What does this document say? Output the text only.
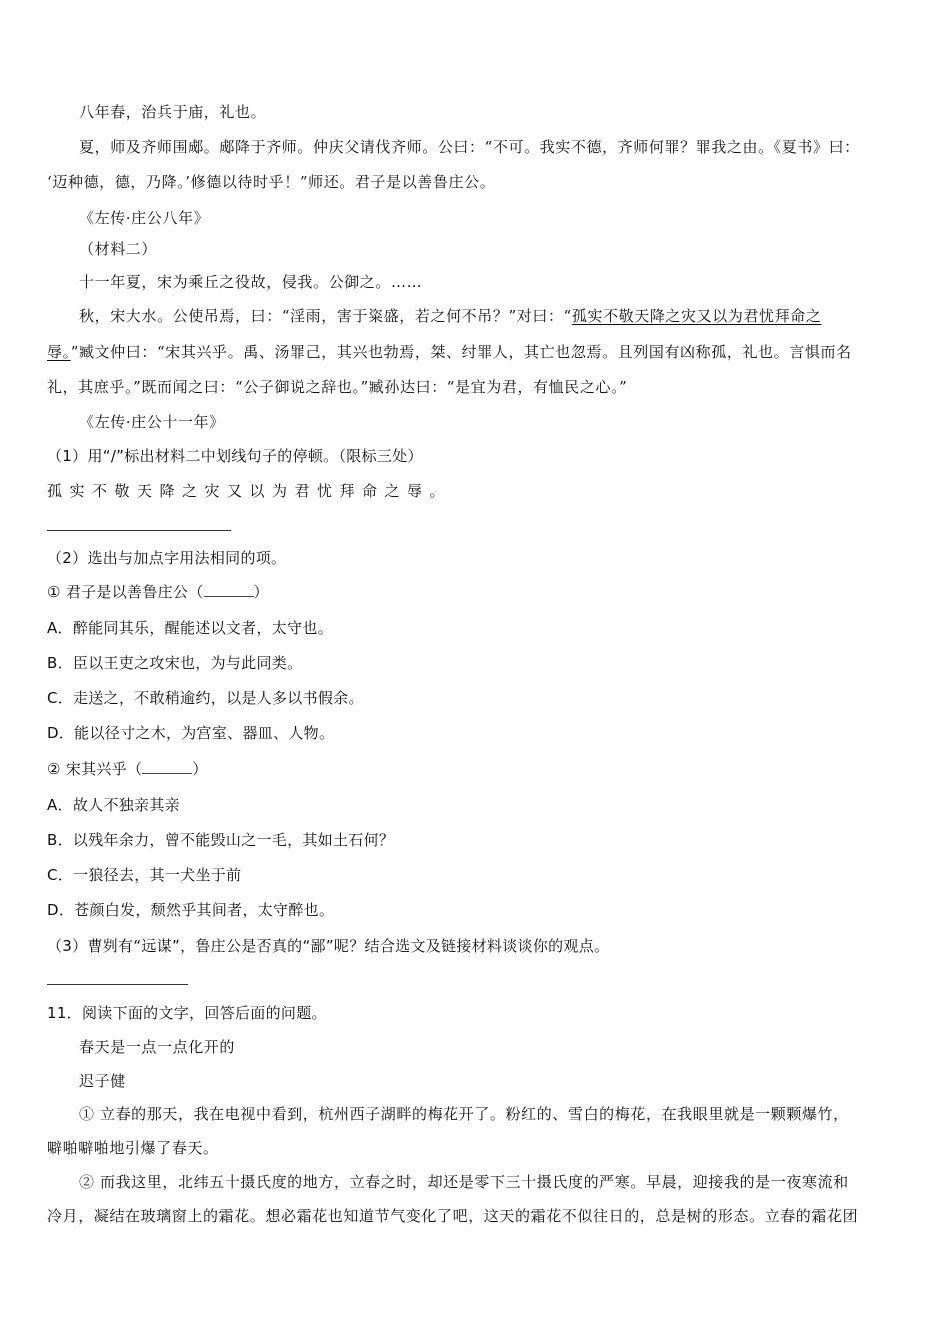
八年春，治兵于庙，礼也。
夏，师及齐师围郕。郕降于齐师。仲庆父请伐齐师。公曰：“不可。我实不德，齐师何罪？罪我之由。《夏书》曰：
‘迈种德，德，乃降。’修德以待时乎！”师还。君子是以善鲁庄公。
《左传·庄公八年》
（材料二）
十一年夏，宋为乘丘之役故，侵我。公御之。……
秋，宋大水。公使吊焉，曰：“淫雨，害于粢盛，若之何不吊？”对曰：“孤实不敬天降之灾又以为君忧拜命之
辱。”臧文仲曰：“宋其兴乎。禹、汤罪己，其兴也勃焉，桀、纣罪人，其亡也忽焉。且列国有凶称孤，礼也。言惧而名
礼，其庶乎。”既而闻之曰：“公子御说之辞也。”臧孙达曰：“是宜为君，有恤民之心。”
《左传·庄公十一年》
（1）用“/”标出材料二中划线句子的停顿。（限标三处）
孤实不敬天降之灾又以为君忧拜命之辱。
（2）选出与加点字用法相同的项。
① 君子是以善鲁庄公（	）
A．醉能同其乐，醒能述以文者，太守也。
B．臣以王吏之攻宋也，为与此同类。
C．走送之，不敢稍逾约，以是人多以书假余。
D．能以径寸之木，为宫室、器皿、人物。
② 宋其兴乎（	）
A．故人不独亲其亲
B．以残年余力，曾不能毁山之一毛，其如土石何？
C．一狼径去，其一犬坐于前
D．苍颜白发，颓然乎其间者，太守醉也。
（3）曹刿有“远谋”，鲁庄公是否真的“鄙”呢？结合选文及链接材料谈谈你的观点。
11．阅读下面的文字，回答后面的问题。
春天是一点一点化开的
迟子健
① 立春的那天，我在电视中看到，杭州西子湖畔的梅花开了。粉红的、雪白的梅花，在我眼里就是一颗颗爆竹，
噼啪噼啪地引爆了春天。
② 而我这里，北纬五十摄氏度的地方，立春之时，却还是零下三十摄氏度的严寒。早晨，迎接我的是一夜寒流和
冷月，凝结在玻璃窗上的霜花。想必霜花也知道节气变化了吧，这天的霜花不似往日的，总是树的形态。立春的霜花团
